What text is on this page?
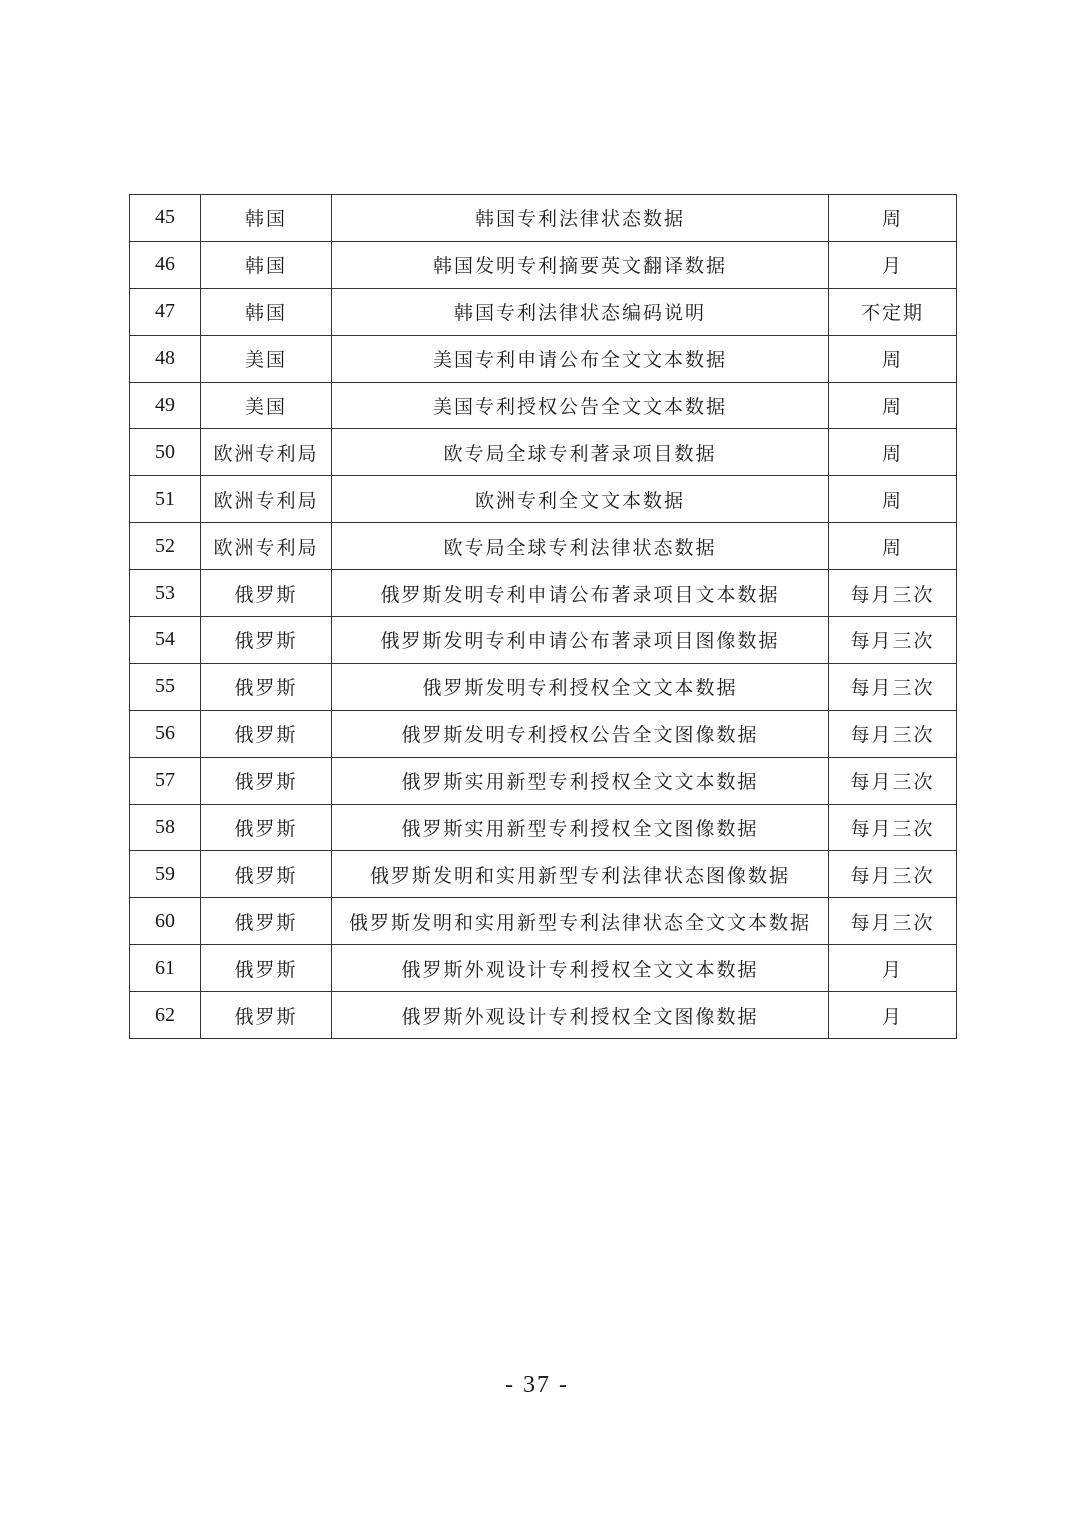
45	韩国	韩国专利法律状态数据	周
46	韩国	韩国发明专利摘要英文翻译数据	月
47	韩国	韩国专利法律状态编码说明	不定期
48	美国	美国专利申请公布全文文本数据	周
49	美国	美国专利授权公告全文文本数据	周
50	欧洲专利局	欧专局全球专利著录项目数据	周
51	欧洲专利局	欧洲专利全文文本数据	周
52	欧洲专利局	欧专局全球专利法律状态数据	周
53	俄罗斯	俄罗斯发明专利申请公布著录项目文本数据	每月三次
54	俄罗斯	俄罗斯发明专利申请公布著录项目图像数据	每月三次
55	俄罗斯	俄罗斯发明专利授权全文文本数据	每月三次
56	俄罗斯	俄罗斯发明专利授权公告全文图像数据	每月三次
57	俄罗斯	俄罗斯实用新型专利授权全文文本数据	每月三次
58	俄罗斯	俄罗斯实用新型专利授权全文图像数据	每月三次
59	俄罗斯	俄罗斯发明和实用新型专利法律状态图像数据	每月三次
60	俄罗斯	俄罗斯发明和实用新型专利法律状态全文文本数据	每月三次
61	俄罗斯	俄罗斯外观设计专利授权全文文本数据	月
62	俄罗斯	俄罗斯外观设计专利授权全文图像数据	月
- 37 -
